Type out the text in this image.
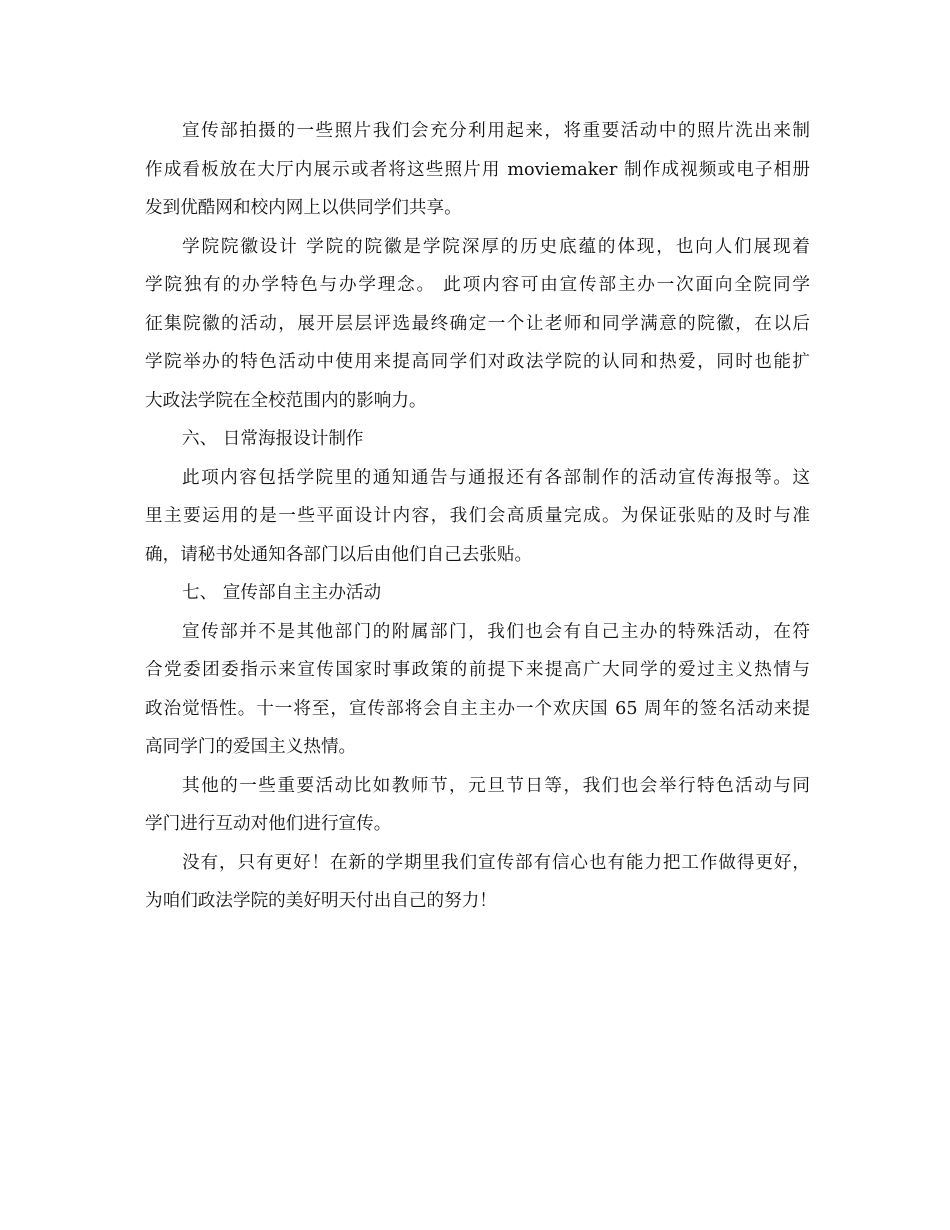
宣传部拍摄的一些照片我们会充分利用起来，将重要活动中的照片洗出来制
作成看板放在大厅内展示或者将这些照片用 moviemaker 制作成视频或电子相册
发到优酷网和校内网上以供同学们共享。
学院院徽设计 学院的院徽是学院深厚的历史底蕴的体现，也向人们展现着
学院独有的办学特色与办学理念。 此项内容可由宣传部主办一次面向全院同学
征集院徽的活动，展开层层评选最终确定一个让老师和同学满意的院徽，在以后
学院举办的特色活动中使用来提高同学们对政法学院的认同和热爱，同时也能扩
大政法学院在全校范围内的影响力。
六、 日常海报设计制作
此项内容包括学院里的通知通告与通报还有各部制作的活动宣传海报等。这
里主要运用的是一些平面设计内容，我们会高质量完成。为保证张贴的及时与准
确，请秘书处通知各部门以后由他们自己去张贴。
七、 宣传部自主主办活动
宣传部并不是其他部门的附属部门，我们也会有自己主办的特殊活动，在符
合党委团委指示来宣传国家时事政策的前提下来提高广大同学的爱过主义热情与
政治觉悟性。十一将至，宣传部将会自主主办一个欢庆国 65 周年的签名活动来提
高同学门的爱国主义热情。
其他的一些重要活动比如教师节，元旦节日等，我们也会举行特色活动与同
学门进行互动对他们进行宣传。
没有，只有更好！在新的学期里我们宣传部有信心也有能力把工作做得更好，
为咱们政法学院的美好明天付出自己的努力！
